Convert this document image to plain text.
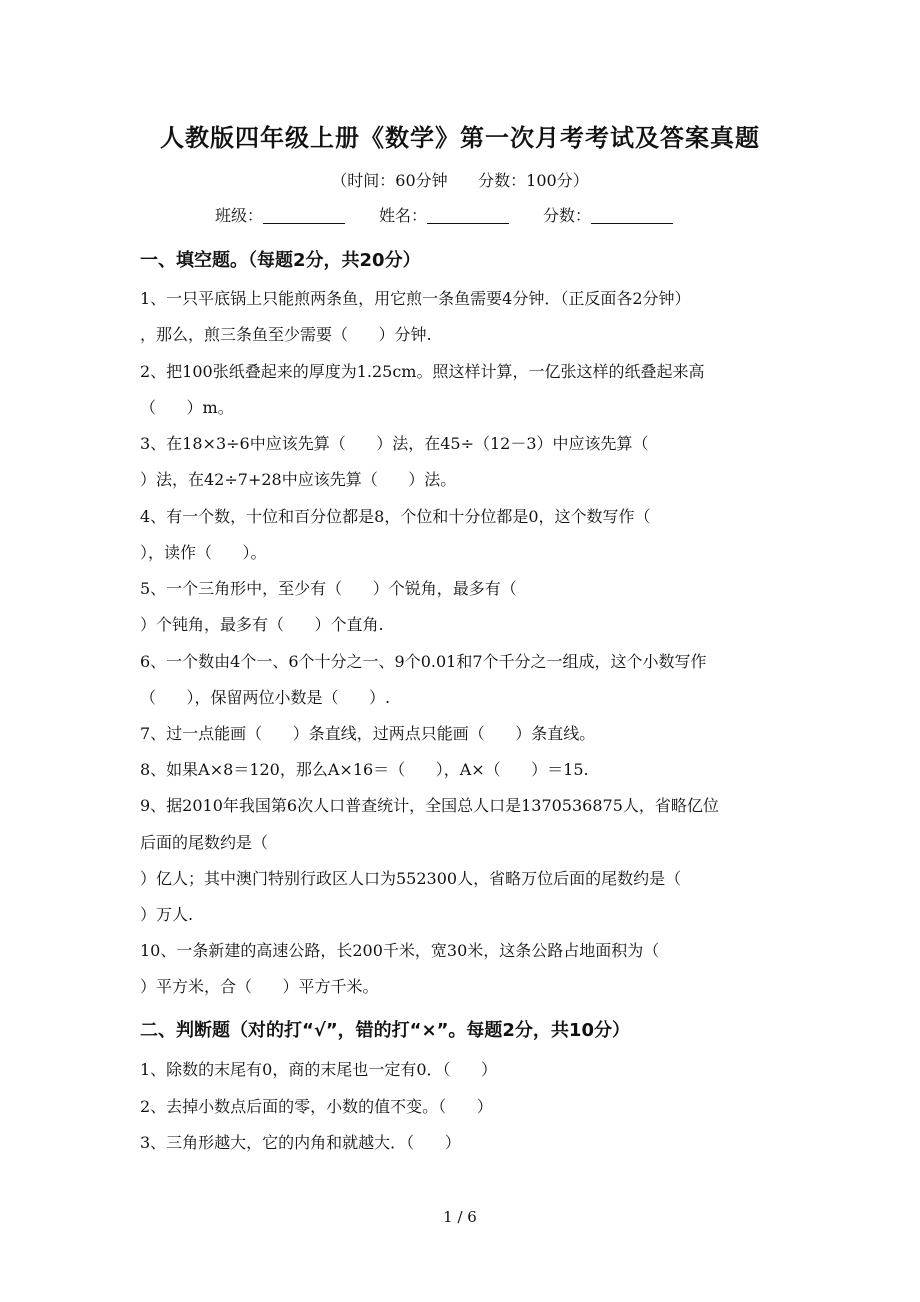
人教版四年级上册《数学》第一次月考考试及答案真题
（时间：60分钟      分数：100分）
班级：	姓名：	分数：
一、填空题。（每题2分，共20分）
1、一只平底锅上只能煎两条鱼，用它煎一条鱼需要4分钟．（正反面各2分钟）
，那么，煎三条鱼至少需要（      ）分钟.
2、把100张纸叠起来的厚度为1.25cm。照这样计算，一亿张这样的纸叠起来高
（      ）m。
3、在18×3÷6中应该先算（      ）法，在45÷（12－3）中应该先算（
）法，在42÷7+28中应该先算（      ）法。
4、有一个数，十位和百分位都是8，个位和十分位都是0，这个数写作（
），读作（      ）。
5、一个三角形中，至少有（      ）个锐角，最多有（
）个钝角，最多有（      ）个直角.
6、一个数由4个一、6个十分之一、9个0.01和7个千分之一组成，这个小数写作
（      ），保留两位小数是（      ）.
7、过一点能画（      ）条直线，过两点只能画（      ）条直线。
8、如果A×8＝120，那么A×16＝（      ），A×（      ）＝15.
9、据2010年我国第6次人口普查统计，全国总人口是1370536875人，省略亿位
后面的尾数约是（
）亿人；其中澳门特别行政区人口为552300人，省略万位后面的尾数约是（
）万人.
10、一条新建的高速公路，长200千米，宽30米，这条公路占地面积为（
）平方米，合（      ）平方千米。
二、判断题（对的打“√”，错的打“×”。每题2分，共10分）
1、除数的末尾有0，商的末尾也一定有0．（      ）
2、去掉小数点后面的零，小数的值不变。（      ）
3、三角形越大，它的内角和就越大．（      ）
1 / 6
